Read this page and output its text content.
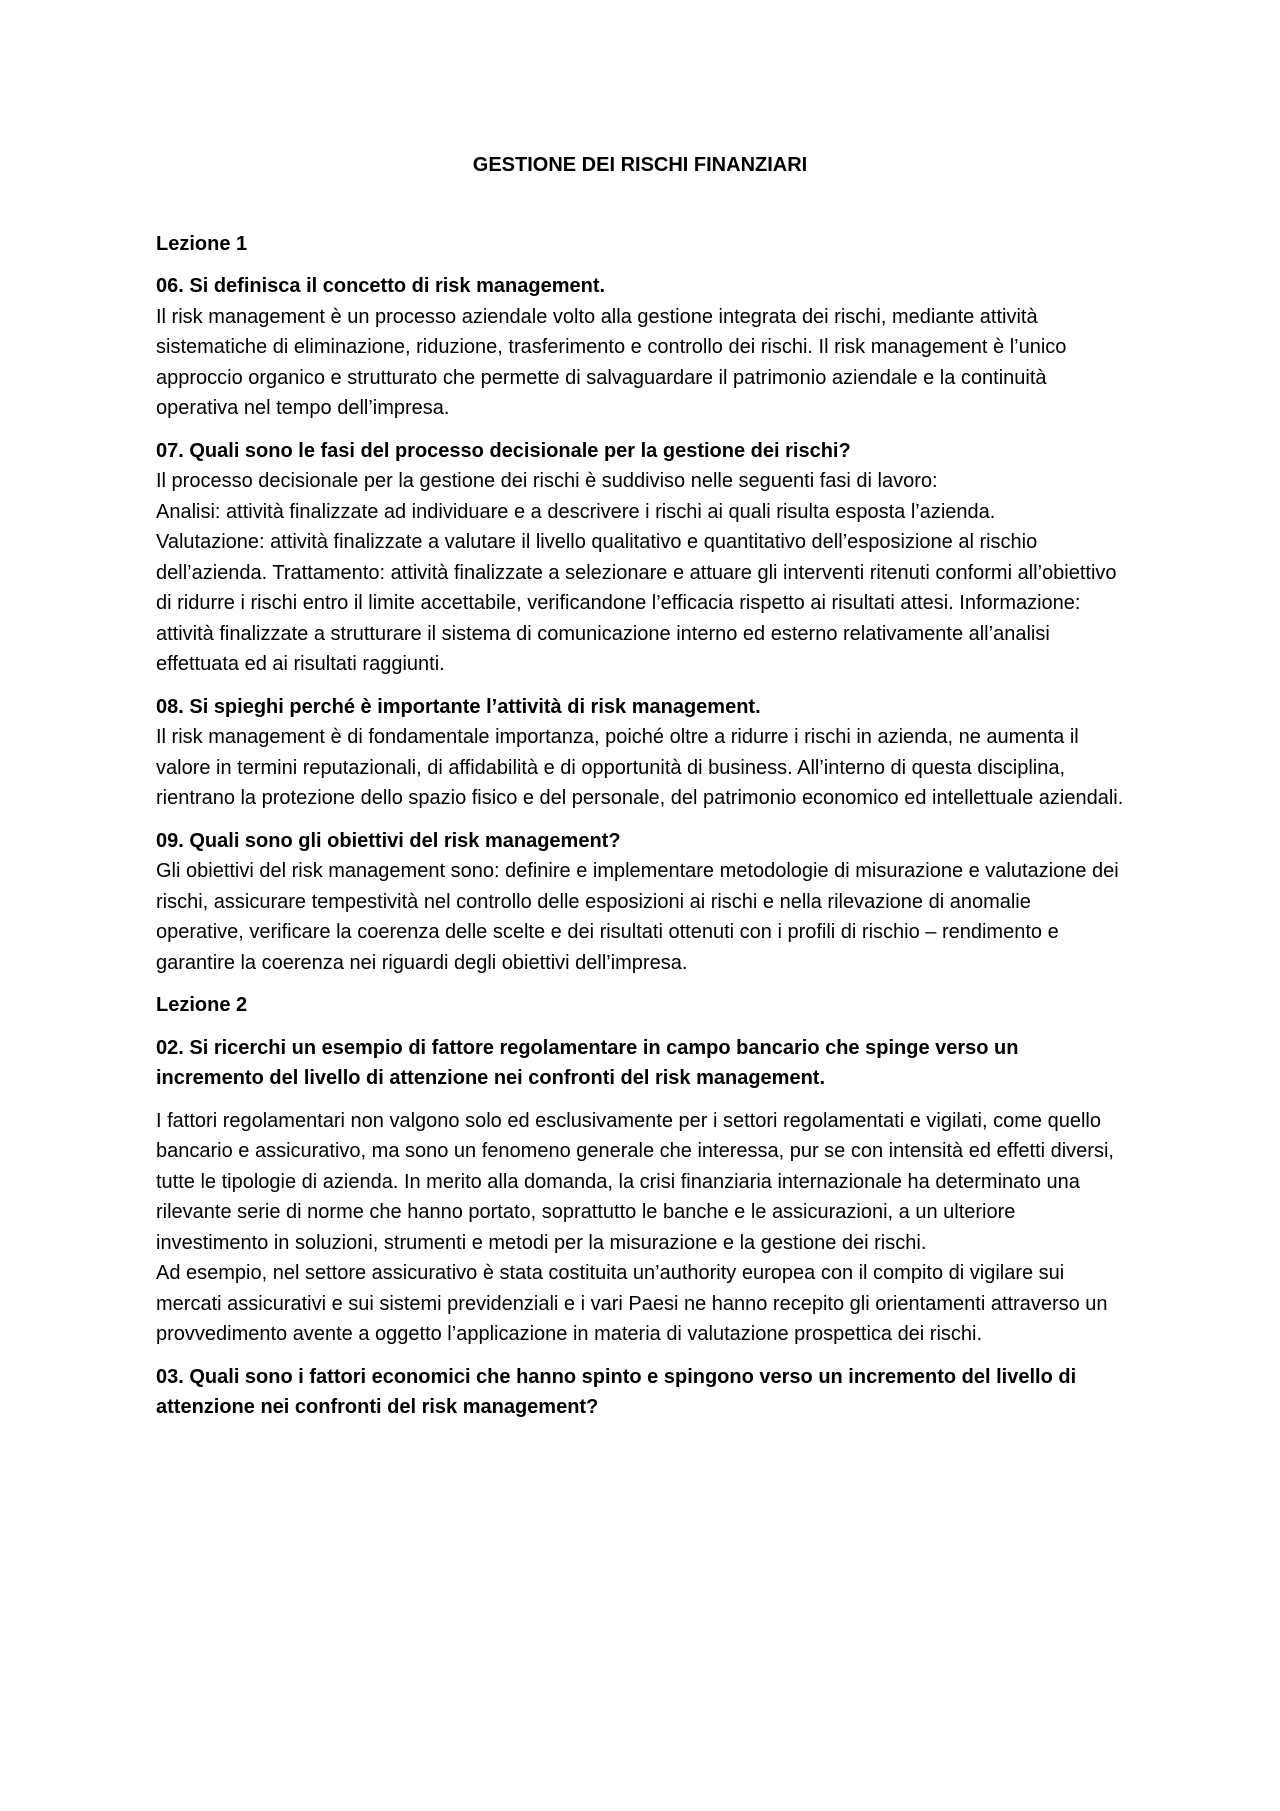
GESTIONE DEI RISCHI FINANZIARI
Lezione 1

06. Si definisca il concetto di risk management.

Il risk management è un processo aziendale volto alla gestione integrata dei rischi, mediante attività sistematiche di eliminazione, riduzione, trasferimento e controllo dei rischi. Il risk management è l’unico approccio organico e strutturato che permette di salvaguardare il patrimonio aziendale e la continuità operativa nel tempo dell’impresa.

07. Quali sono le fasi del processo decisionale per la gestione dei rischi?

Il processo decisionale per la gestione dei rischi è suddiviso nelle seguenti fasi di lavoro:

Analisi: attività finalizzate ad individuare e a descrivere i rischi ai quali risulta esposta l’azienda.

Valutazione: attività finalizzate a valutare il livello qualitativo e quantitativo dell’esposizione al rischio dell’azienda. Trattamento: attività finalizzate a selezionare e attuare gli interventi ritenuti conformi all’obiettivo di ridurre i rischi entro il limite accettabile, verificandone l’efficacia rispetto ai risultati attesi. Informazione: attività finalizzate a strutturare il sistema di comunicazione interno ed esterno relativamente all’analisi effettuata ed ai risultati raggiunti.

08. Si spieghi perché è importante l’attività di risk management.

Il risk management è di fondamentale importanza, poiché oltre a ridurre i rischi in azienda, ne aumenta il valore in termini reputazionali, di affidabilità e di opportunità di business. All’interno di questa disciplina, rientrano la protezione dello spazio fisico e del personale, del patrimonio economico ed intellettuale aziendali.

09. Quali sono gli obiettivi del risk management?

Gli obiettivi del risk management sono: definire e implementare metodologie di misurazione e valutazione dei rischi, assicurare tempestività nel controllo delle esposizioni ai rischi e nella rilevazione di anomalie operative, verificare la coerenza delle scelte e dei risultati ottenuti con i profili di rischio – rendimento e garantire la coerenza nei riguardi degli obiettivi dell’impresa.

Lezione 2

02. Si ricerchi un esempio di fattore regolamentare in campo bancario che spinge verso un incremento del livello di attenzione nei confronti del risk management.

I fattori regolamentari non valgono solo ed esclusivamente per i settori regolamentati e vigilati, come quello bancario e assicurativo, ma sono un fenomeno generale che interessa, pur se con intensità ed effetti diversi, tutte le tipologie di azienda. In merito alla domanda, la crisi finanziaria internazionale ha determinato una rilevante serie di norme che hanno portato, soprattutto le banche e le assicurazioni, a un ulteriore investimento in soluzioni, strumenti e metodi per la misurazione e la gestione dei rischi.

Ad esempio, nel settore assicurativo è stata costituita un’authority europea con il compito di vigilare sui mercati assicurativi e sui sistemi previdenziali e i vari Paesi ne hanno recepito gli orientamenti attraverso un provvedimento avente a oggetto l’applicazione in materia di valutazione prospettica dei rischi.

03. Quali sono i fattori economici che hanno spinto e spingono verso un incremento del livello di attenzione nei confronti del risk management?
